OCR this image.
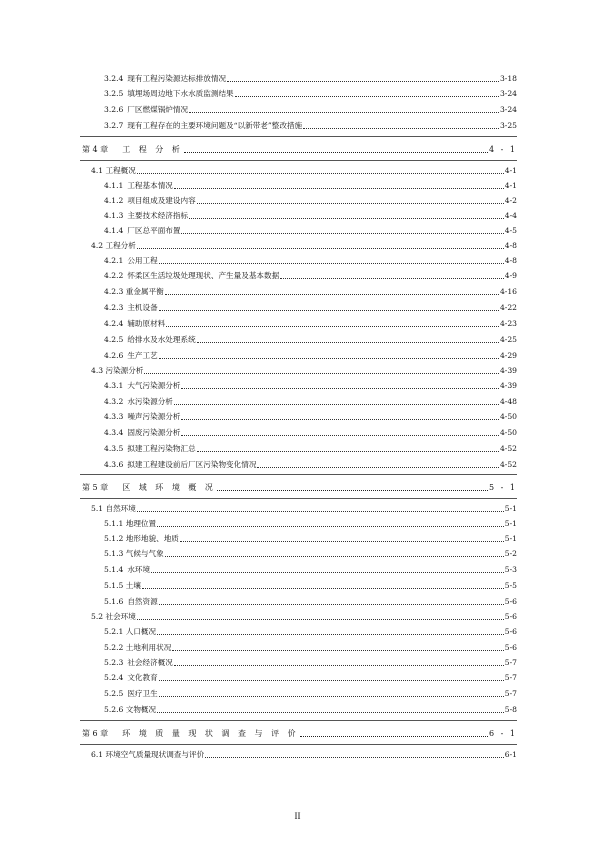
3.2.4 现有工程污染源达标排放情况	3-18
3.2.5 填埋场周边地下水水质监测结果	3-24
3.2.6 厂区燃煤锅炉情况	3-24
3.2.7 现有工程存在的主要环境问题及“以新带老”整改措施	3-25
第 4 章 工 程 分 析	4 - 1
4.1 工程概况	4-1
4.1.1 工程基本情况	4-1
4.1.2 项目组成及建设内容	4-2
4.1.3 主要技术经济指标	4-4
4.1.4 厂区总平面布置	4-5
4.2 工程分析	4-8
4.2.1 公用工程	4-8
4.2.2 怀柔区生活垃圾处理现状、产生量及基本数据	4-9
4.2.3 重金属平衡	4-16
4.2.3 主机设备	4-22
4.2.4 辅助原材料	4-23
4.2.5 给排水及水处理系统	4-25
4.2.6 生产工艺	4-29
4.3 污染源分析	4-39
4.3.1 大气污染源分析	4-39
4.3.2 水污染源分析	4-48
4.3.3 噪声污染源分析	4-50
4.3.4 固废污染源分析	4-50
4.3.5 拟建工程污染物汇总	4-52
4.3.6 拟建工程建设前后厂区污染物变化情况	4-52
第 5 章 区 域 环 境 概 况	5 - 1
5.1 自然环境	5-1
5.1.1 地理位置	5-1
5.1.2 地形地貌、地质	5-1
5.1.3 气候与气象	5-2
5.1.4 水环境	5-3
5.1.5 土壤	5-5
5.1.6 自然资源	5-6
5.2 社会环境	5-6
5.2.1 人口概况	5-6
5.2.2 土地利用状况	5-6
5.2.3 社会经济概况	5-7
5.2.4 文化教育	5-7
5.2.5 医疗卫生	5-7
5.2.6 文物概况	5-8
第 6 章 环 境 质 量 现 状 调 查 与 评 价	6 - 1
6.1 环境空气质量现状调查与评价	6-1
II
